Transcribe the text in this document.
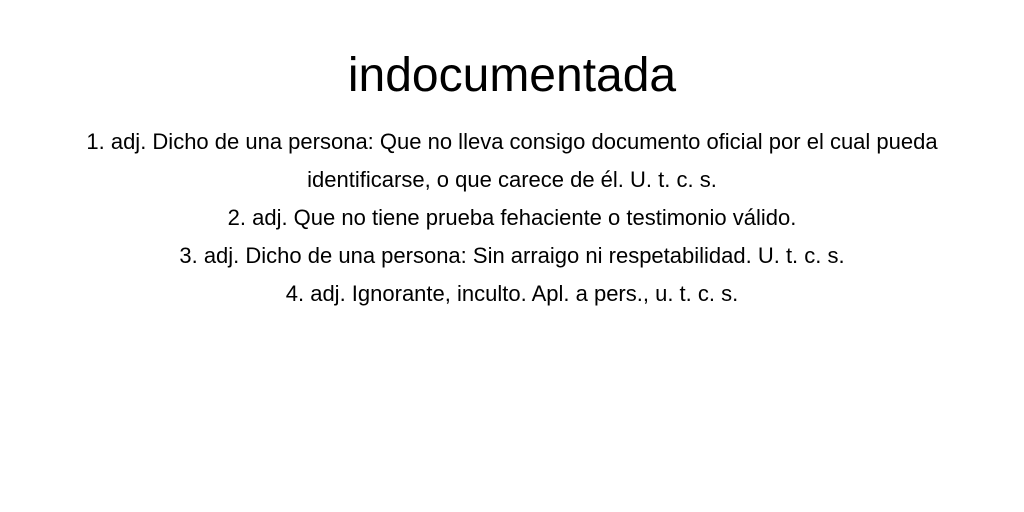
indocumentada

1. adj. Dicho de una persona: Que no lleva consigo documento oficial por el cual pueda identificarse, o que carece de él. U. t. c. s.

2. adj. Que no tiene prueba fehaciente o testimonio válido.

3. adj. Dicho de una persona: Sin arraigo ni respetabilidad. U. t. c. s.

4. adj. Ignorante, inculto. Apl. a pers., u. t. c. s.
